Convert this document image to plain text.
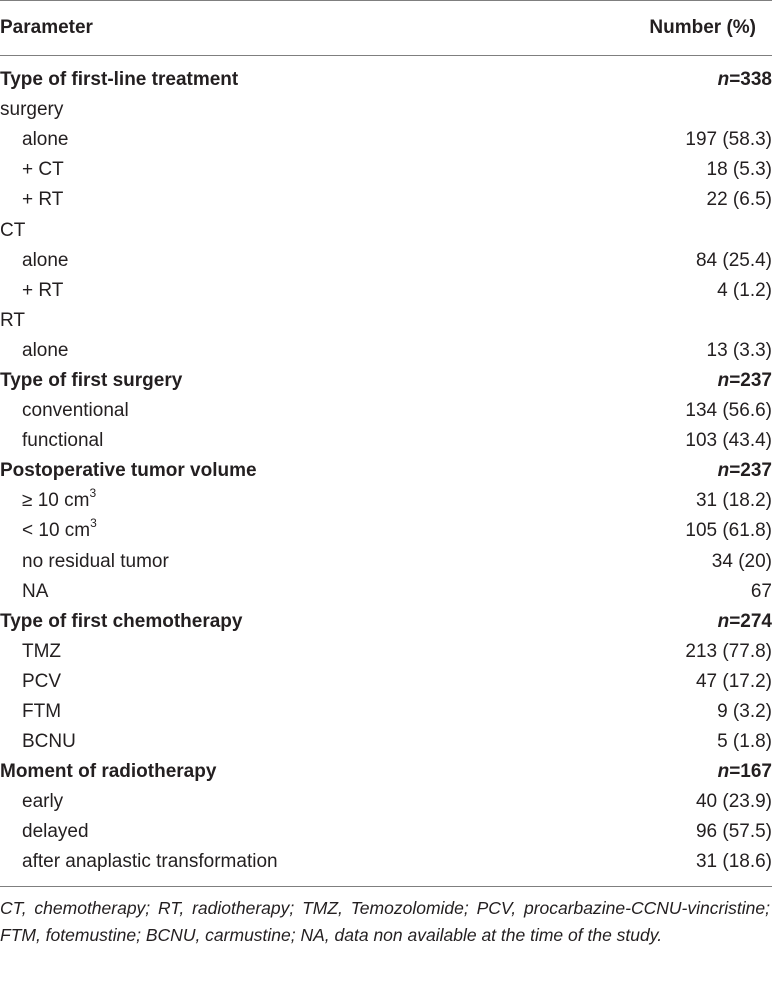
Parameter	Number (%)
Type of first-line treatment	n=338
surgery	
alone	197 (58.3)
+ CT	18 (5.3)
+ RT	22 (6.5)
CT	
alone	84 (25.4)
+ RT	4 (1.2)
RT	
alone	13 (3.3)
Type of first surgery	n=237
conventional	134 (56.6)
functional	103 (43.4)
Postoperative tumor volume	n=237
≥ 10 $cm^3$	31 (18.2)
< 10 $cm^3$	105 (61.8)
no residual tumor	34 (20)
NA	67
Type of first chemotherapy	n=274
TMZ	213 (77.8)
PCV	47 (17.2)
FTM	9 (3.2)
BCNU	5 (1.8)
Moment of radiotherapy	n=167
early	40 (23.9)
delayed	96 (57.5)
after anaplastic transformation	31 (18.6)
CT, chemotherapy; RT, radiotherapy; TMZ, Temozolomide; PCV, procarbazine-CCNU-vincristine; FTM, fotemustine; BCNU, carmustine; NA, data non available at the time of the study.
